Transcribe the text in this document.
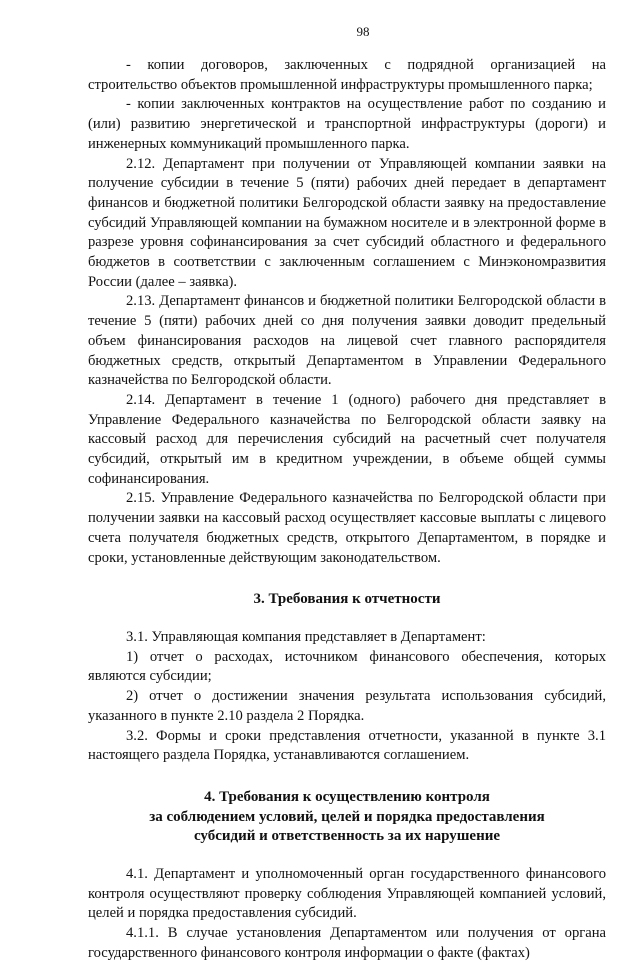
98

- копии договоров, заключенных с подрядной организацией на строительство объектов промышленной инфраструктуры промышленного парка;

- копии заключенных контрактов на осуществление работ по созданию и (или) развитию энергетической и транспортной инфраструктуры (дороги) и инженерных коммуникаций промышленного парка.

2.12. Департамент при получении от Управляющей компании заявки на получение субсидии в течение 5 (пяти) рабочих дней передает в департамент финансов и бюджетной политики Белгородской области заявку на предоставление субсидий Управляющей компании на бумажном носителе и в электронной форме в разрезе уровня софинансирования за счет субсидий областного и федерального бюджетов в соответствии с заключенным соглашением с Минэкономразвития России (далее – заявка).

2.13. Департамент финансов и бюджетной политики Белгородской области в течение 5 (пяти) рабочих дней со дня получения заявки доводит предельный объем финансирования расходов на лицевой счет главного распорядителя бюджетных средств, открытый Департаментом в Управлении Федерального казначейства по Белгородской области.

2.14. Департамент в течение 1 (одного) рабочего дня представляет в Управление Федерального казначейства по Белгородской области заявку на кассовый расход для перечисления субсидий на расчетный счет получателя субсидий, открытый им в кредитном учреждении, в объеме общей суммы софинансирования.

2.15. Управление Федерального казначейства по Белгородской области при получении заявки на кассовый расход осуществляет кассовые выплаты с лицевого счета получателя бюджетных средств, открытого Департаментом, в порядке и сроки, установленные действующим законодательством.

3. Требования к отчетности

3.1. Управляющая компания представляет в Департамент:

1) отчет о расходах, источником финансового обеспечения, которых являются субсидии;

2) отчет о достижении значения результата использования субсидий, указанного в пункте 2.10 раздела 2 Порядка.

3.2. Формы и сроки представления отчетности, указанной в пункте 3.1 настоящего раздела Порядка, устанавливаются соглашением.

4. Требования к осуществлению контроля

за соблюдением условий, целей и порядка предоставления

субсидий и ответственность за их нарушение

4.1. Департамент и уполномоченный орган государственного финансового контроля осуществляют проверку соблюдения Управляющей компанией условий, целей и порядка предоставления субсидий.

4.1.1. В случае установления Департаментом или получения от органа государственного финансового контроля информации о факте (фактах)
